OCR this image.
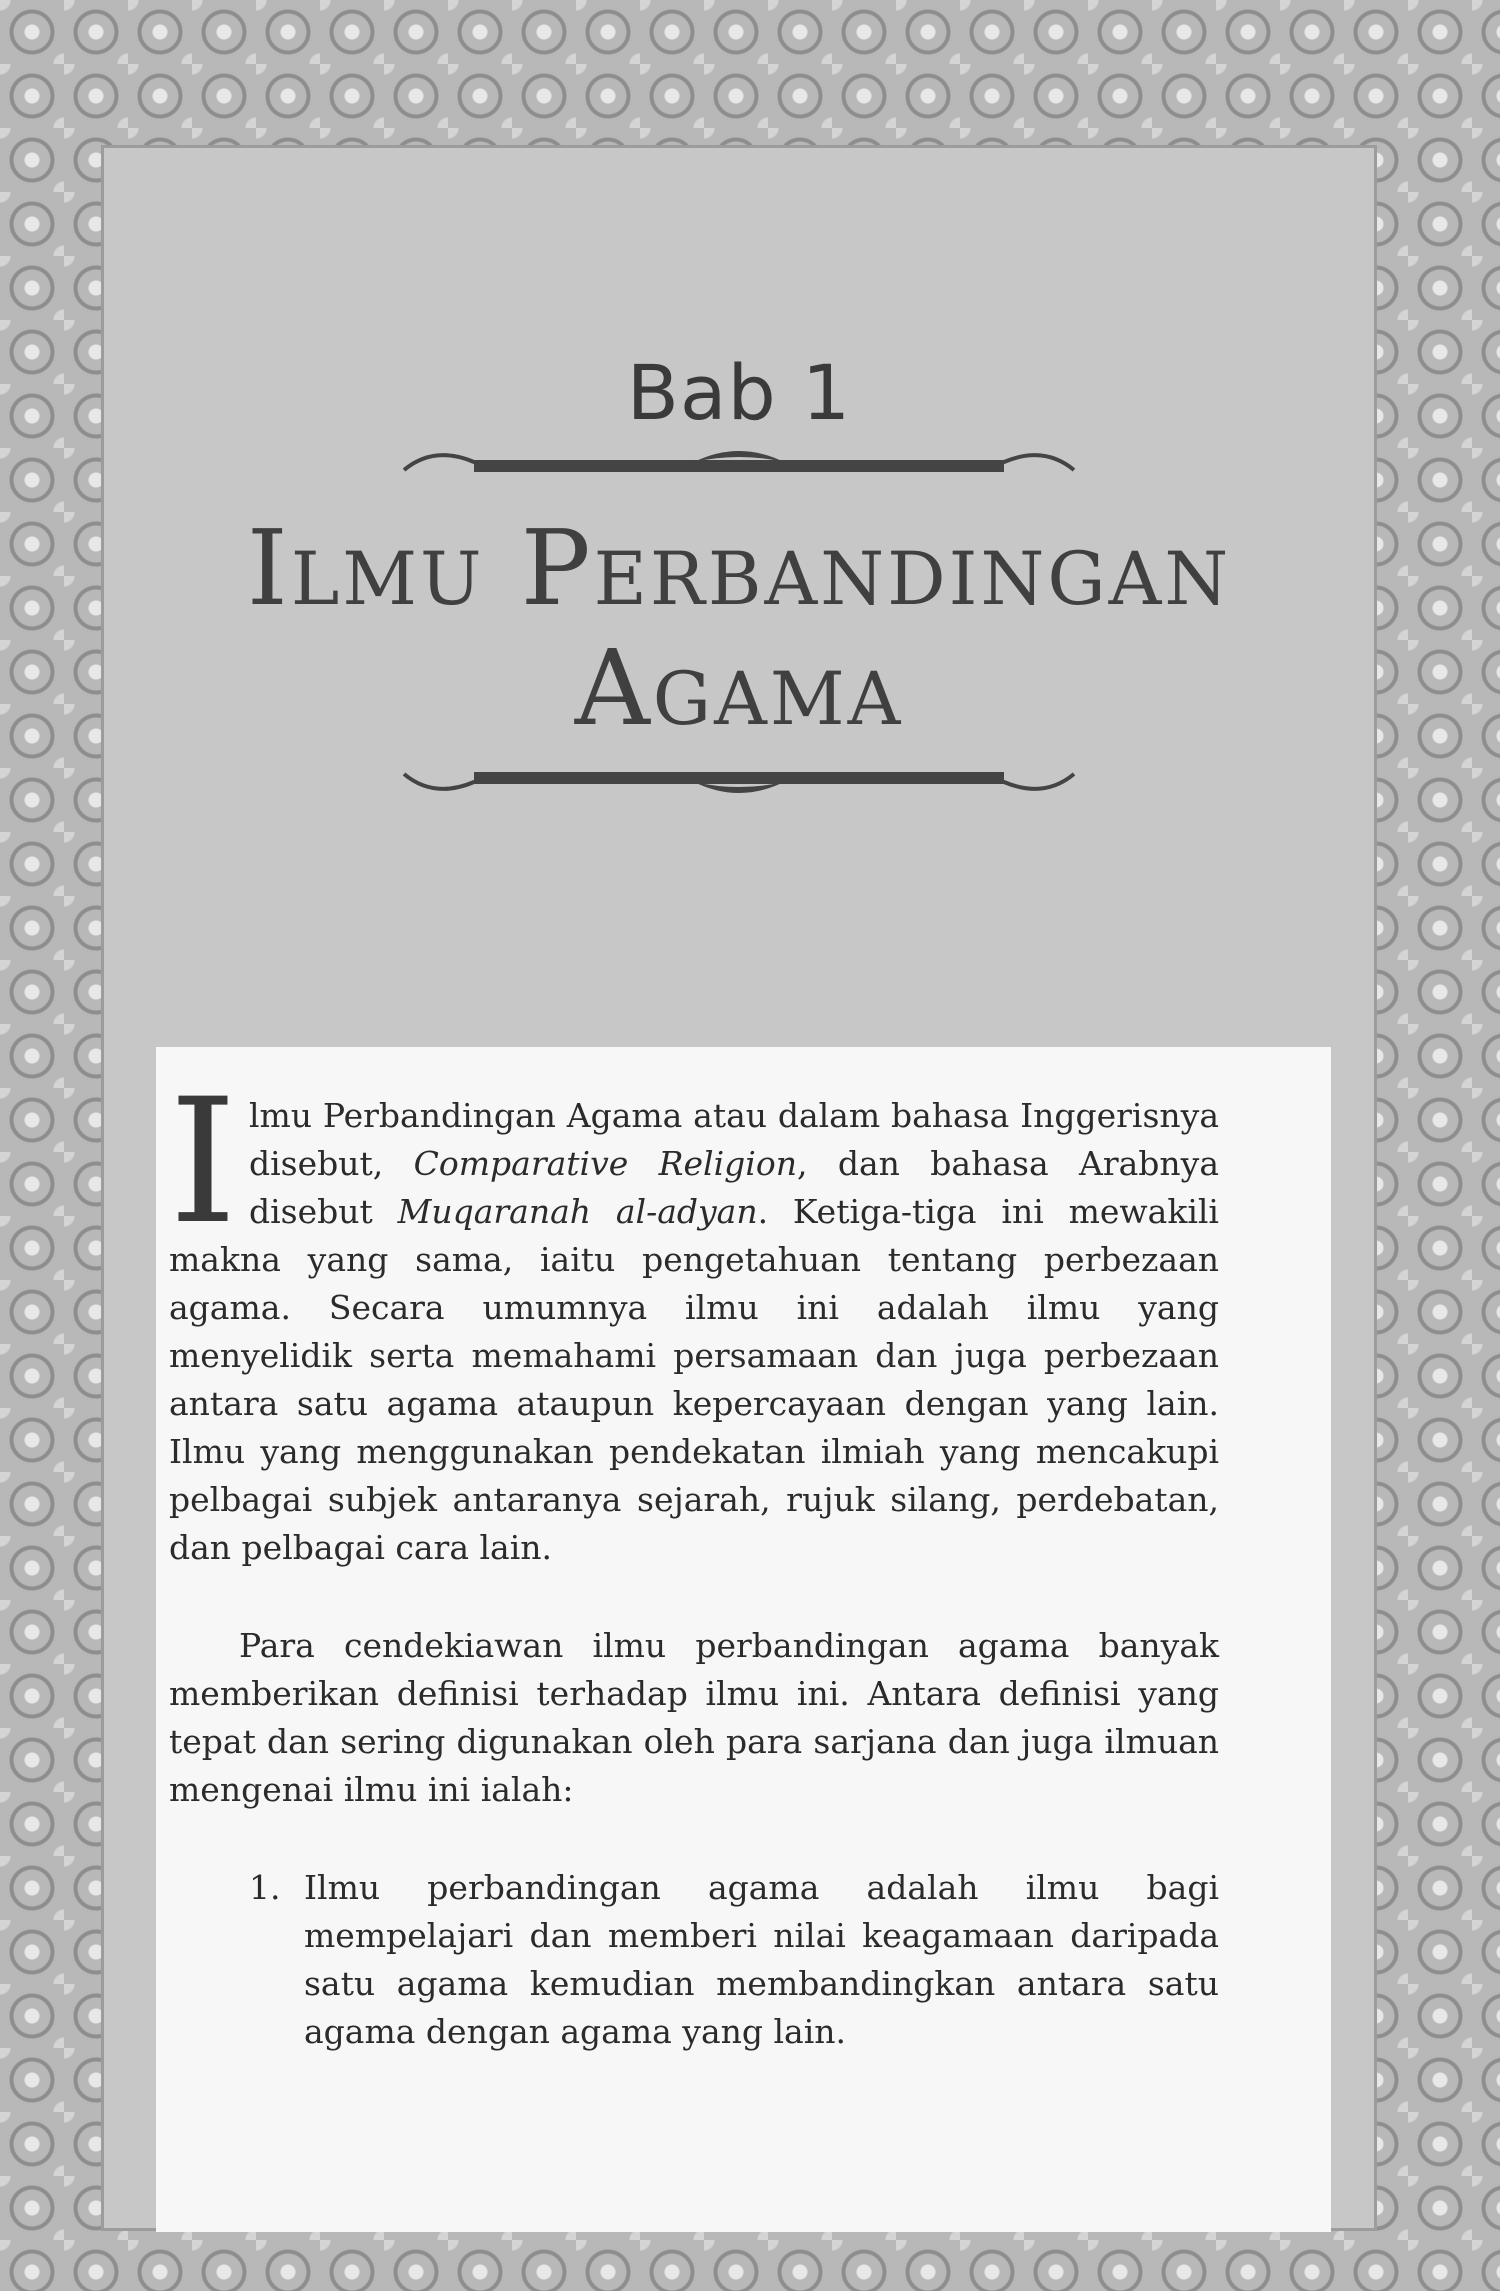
Bab 1
Ilmu Perbandingan
Agama

Ilmu Perbandingan Agama atau dalam bahasa Inggerisnya disebut, Comparative Religion, dan bahasa Arabnya disebut Muqaranah al-adyan. Ketiga-tiga ini mewakili makna yang sama, iaitu pengetahuan tentang perbezaan agama. Secara umumnya ilmu ini adalah ilmu yang menyelidik serta memahami persamaan dan juga perbezaan antara satu agama ataupun kepercayaan dengan yang lain. Ilmu yang menggunakan pendekatan ilmiah yang mencakupi pelbagai subjek antaranya sejarah, rujuk silang, perdebatan, dan pelbagai cara lain.

Para cendekiawan ilmu perbandingan agama banyak memberikan definisi terhadap ilmu ini. Antara definisi yang tepat dan sering digunakan oleh para sarjana dan juga ilmuan mengenai ilmu ini ialah:

1. Ilmu perbandingan agama adalah ilmu bagi mempelajari dan memberi nilai keagamaan daripada satu agama kemudian membandingkan antara satu agama dengan agama yang lain.
